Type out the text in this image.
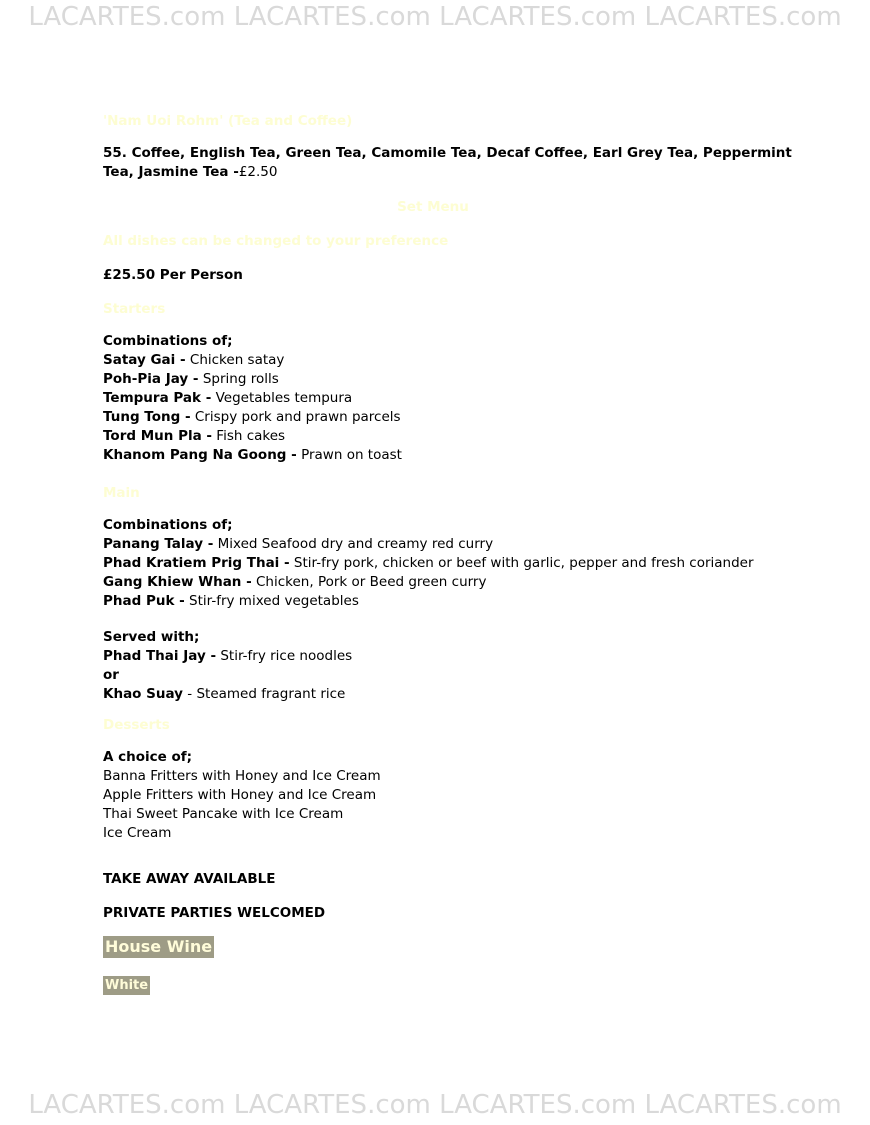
LACARTES.com LACARTES.com LACARTES.com LACARTES.com
'Nam Uoi Rohm' (Tea and Coffee)
55. Coffee, English Tea, Green Tea, Camomile Tea, Decaf Coffee, Earl Grey Tea, Peppermint Tea, Jasmine Tea -£2.50
Set Menu
All dishes can be changed to your preference
£25.50 Per Person
Starters
Combinations of;
Satay Gai - Chicken satay
Poh-Pia Jay - Spring rolls
Tempura Pak - Vegetables tempura
Tung Tong - Crispy pork and prawn parcels
Tord Mun Pla - Fish cakes
Khanom Pang Na Goong - Prawn on toast
Main
Combinations of;
Panang Talay - Mixed Seafood dry and creamy red curry
Phad Kratiem Prig Thai - Stir-fry pork, chicken or beef with garlic, pepper and fresh coriander
Gang Khiew Whan - Chicken, Pork or Beed green curry
Phad Puk - Stir-fry mixed vegetables
Served with;
Phad Thai Jay - Stir-fry rice noodles
or
Khao Suay - Steamed fragrant rice
Desserts
A choice of;
Banna Fritters with Honey and Ice Cream
Apple Fritters with Honey and Ice Cream
Thai Sweet Pancake with Ice Cream
Ice Cream
TAKE AWAY AVAILABLE
PRIVATE PARTIES WELCOMED
House Wine
White
LACARTES.com LACARTES.com LACARTES.com LACARTES.com
